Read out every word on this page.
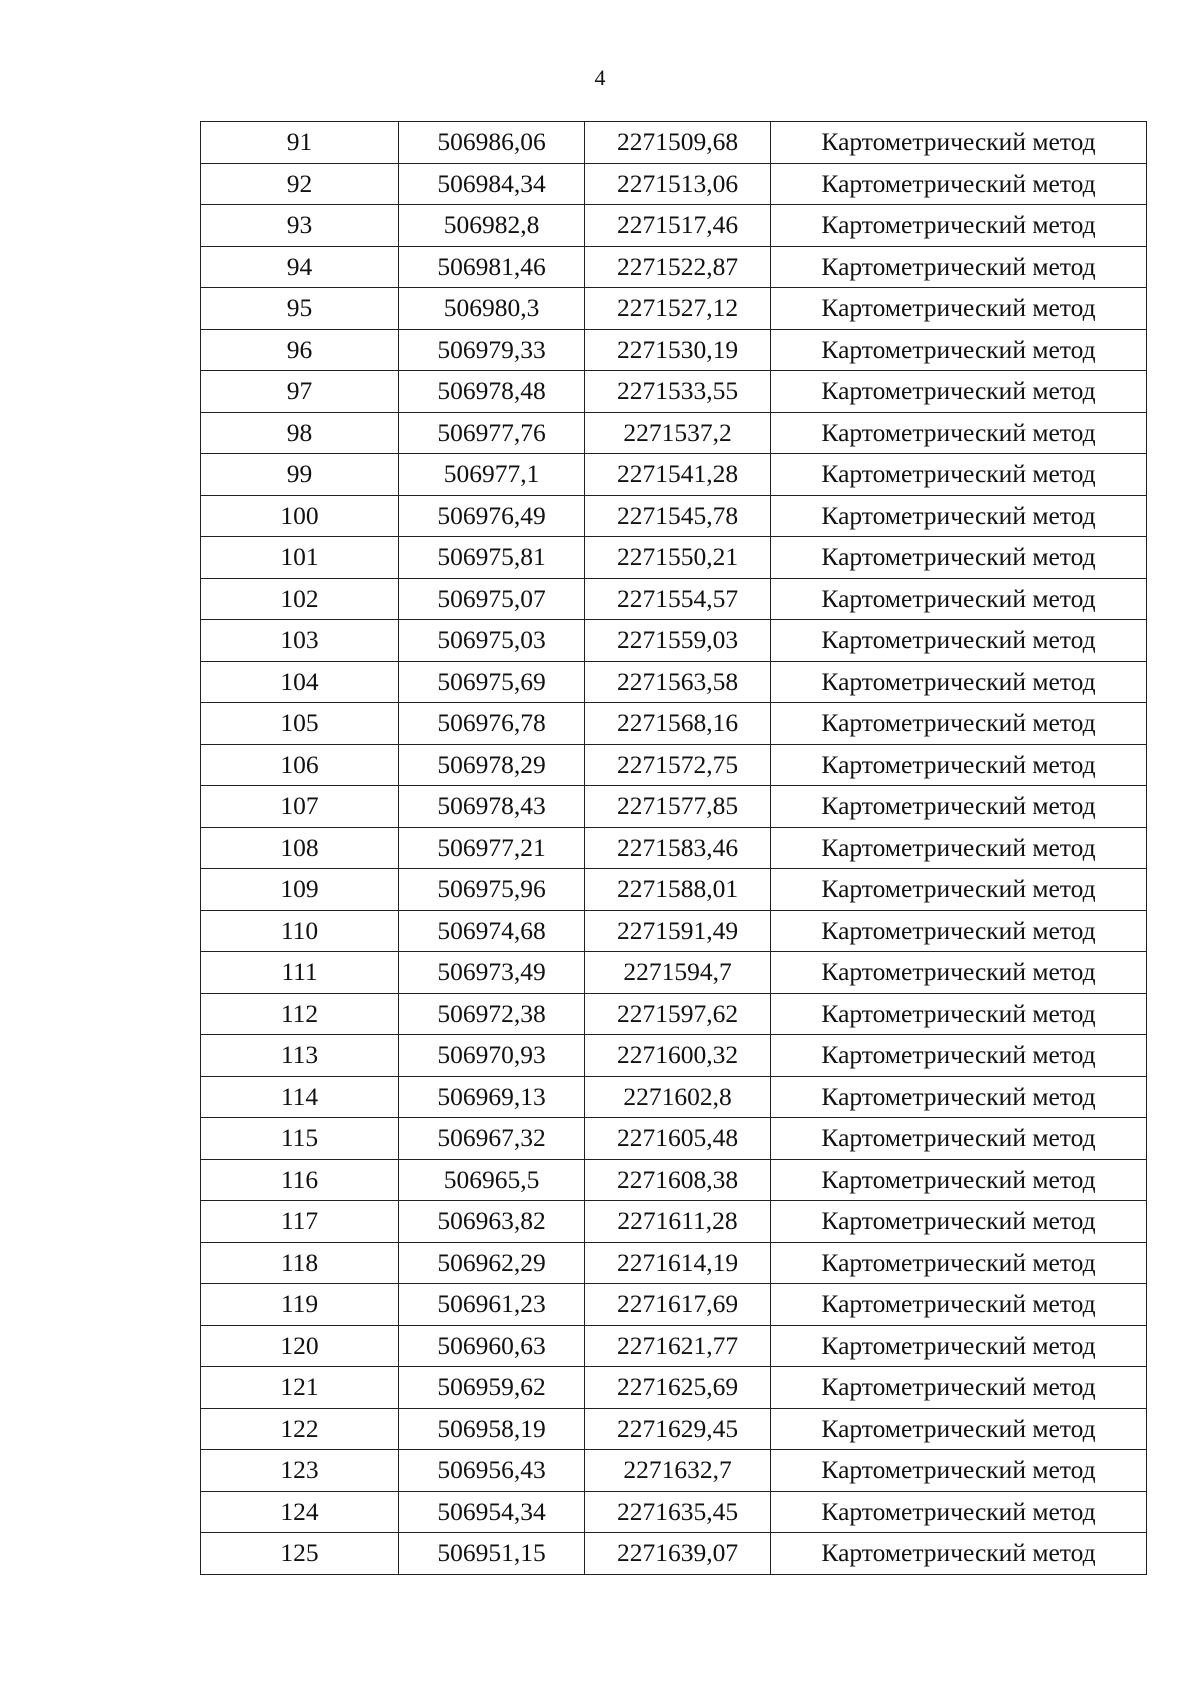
4
91	506986,06	2271509,68	Картометрический метод
92	506984,34	2271513,06	Картометрический метод
93	506982,8	2271517,46	Картометрический метод
94	506981,46	2271522,87	Картометрический метод
95	506980,3	2271527,12	Картометрический метод
96	506979,33	2271530,19	Картометрический метод
97	506978,48	2271533,55	Картометрический метод
98	506977,76	2271537,2	Картометрический метод
99	506977,1	2271541,28	Картометрический метод
100	506976,49	2271545,78	Картометрический метод
101	506975,81	2271550,21	Картометрический метод
102	506975,07	2271554,57	Картометрический метод
103	506975,03	2271559,03	Картометрический метод
104	506975,69	2271563,58	Картометрический метод
105	506976,78	2271568,16	Картометрический метод
106	506978,29	2271572,75	Картометрический метод
107	506978,43	2271577,85	Картометрический метод
108	506977,21	2271583,46	Картометрический метод
109	506975,96	2271588,01	Картометрический метод
110	506974,68	2271591,49	Картометрический метод
111	506973,49	2271594,7	Картометрический метод
112	506972,38	2271597,62	Картометрический метод
113	506970,93	2271600,32	Картометрический метод
114	506969,13	2271602,8	Картометрический метод
115	506967,32	2271605,48	Картометрический метод
116	506965,5	2271608,38	Картометрический метод
117	506963,82	2271611,28	Картометрический метод
118	506962,29	2271614,19	Картометрический метод
119	506961,23	2271617,69	Картометрический метод
120	506960,63	2271621,77	Картометрический метод
121	506959,62	2271625,69	Картометрический метод
122	506958,19	2271629,45	Картометрический метод
123	506956,43	2271632,7	Картометрический метод
124	506954,34	2271635,45	Картометрический метод
125	506951,15	2271639,07	Картометрический метод
